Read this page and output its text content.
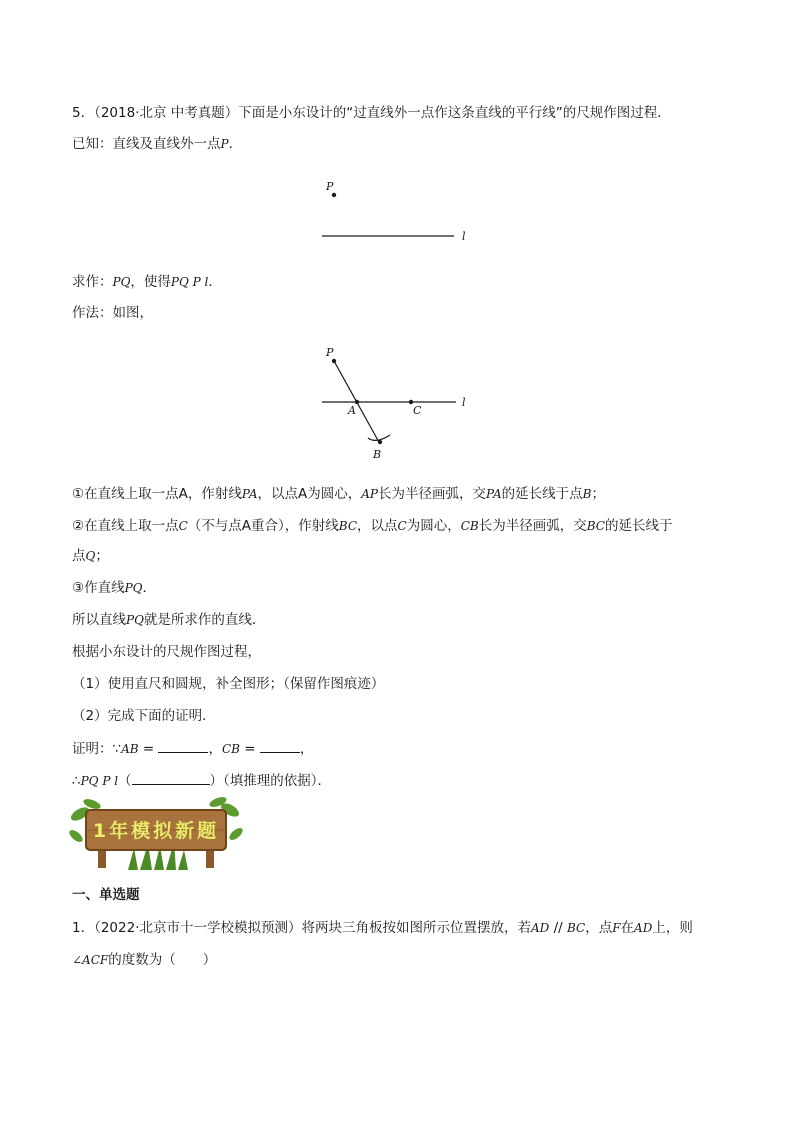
5．（2018·北京 中考真题）下面是小东设计的“过直线外一点作这条直线的平行线”的尺规作图过程．
已知：直线及直线外一点P．
P
l
求作：PQ，使得PQ P l．
作法：如图，
P
A	C
B
l
①在直线上取一点A，作射线PA，以点A为圆心，AP长为半径画弧，交PA的延长线于点B；
②在直线上取一点C（不与点A重合），作射线BC，以点C为圆心，CB长为半径画弧，交BC的延长线于
点Q；
③作直线PQ．
所以直线PQ就是所求作的直线．
根据小东设计的尺规作图过程，
（1）使用直尺和圆规，补全图形；（保留作图痕迹）
（2）完成下面的证明．
证明：∵AB =	，CB =	，
∴PQ P l（	）（填推理的依据）．
1年模拟新题
一、单选题
1．（2022·北京市十一学校模拟预测）将两块三角板按如图所示位置摆放，若AD // BC，点F在AD上，则
∠ACF的度数为（　　）
